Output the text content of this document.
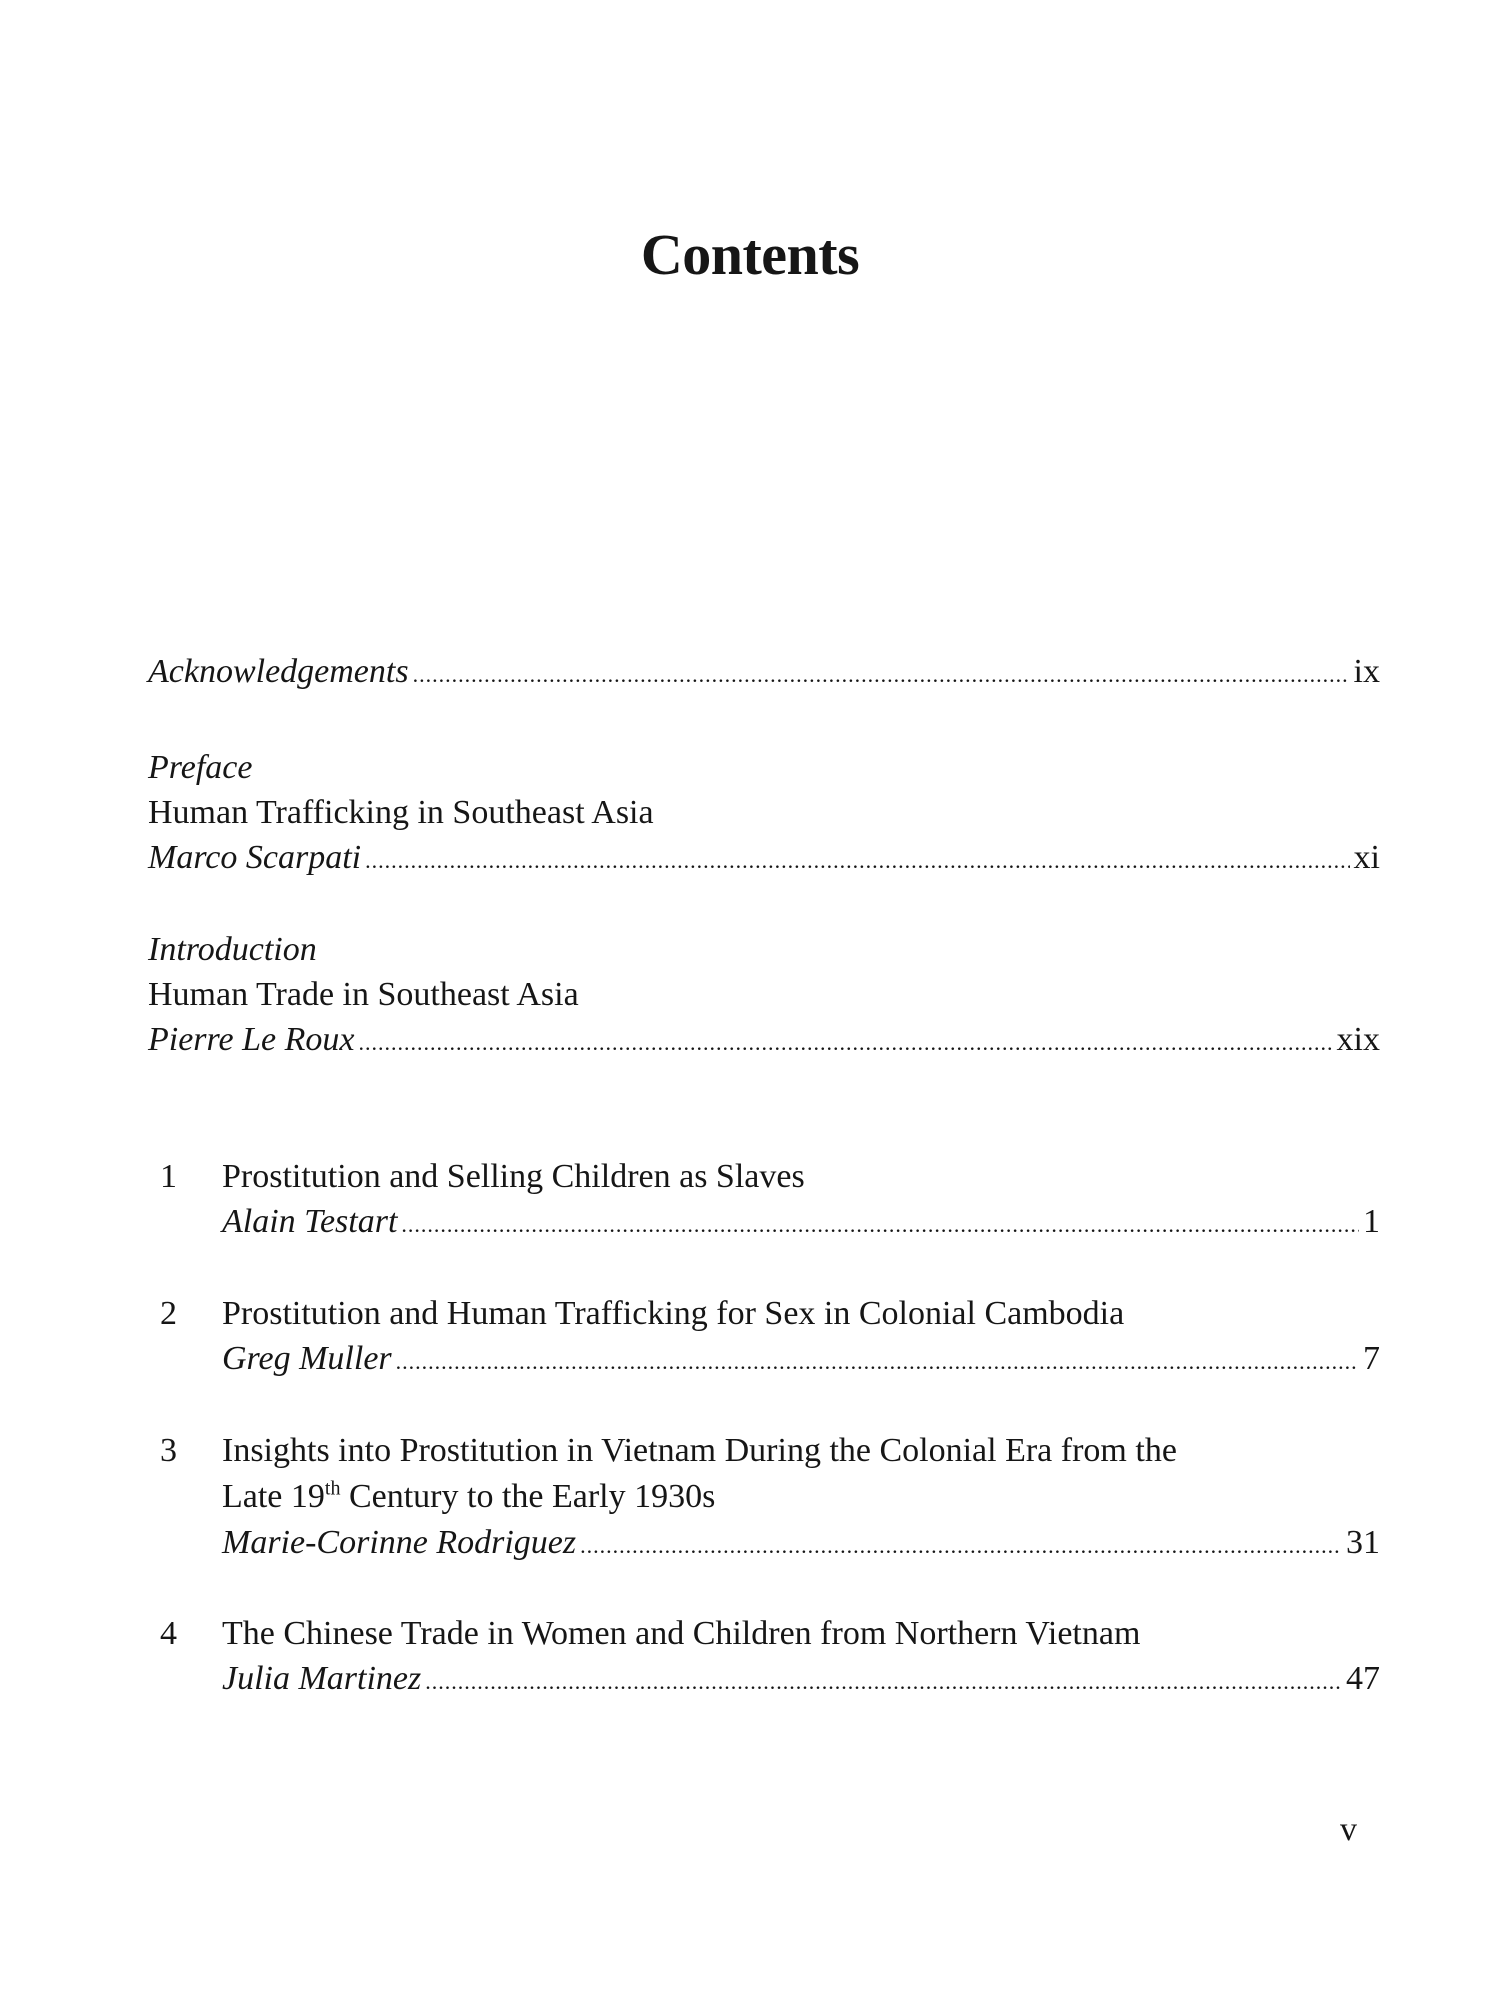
Contents
Acknowledgements .....	ix
Preface
Human Trafficking in Southeast Asia
Marco Scarpati .....	xi
Introduction
Human Trade in Southeast Asia
Pierre Le Roux .....	xix
1 Prostitution and Selling Children as Slaves
Alain Testart .....	1
2 Prostitution and Human Trafficking for Sex in Colonial Cambodia
Greg Muller .....	7
3 Insights into Prostitution in Vietnam During the Colonial Era from the
Late 19th Century to the Early 1930s
Marie-Corinne Rodriguez .....	31
4 The Chinese Trade in Women and Children from Northern Vietnam
Julia Martinez .....	47
v
